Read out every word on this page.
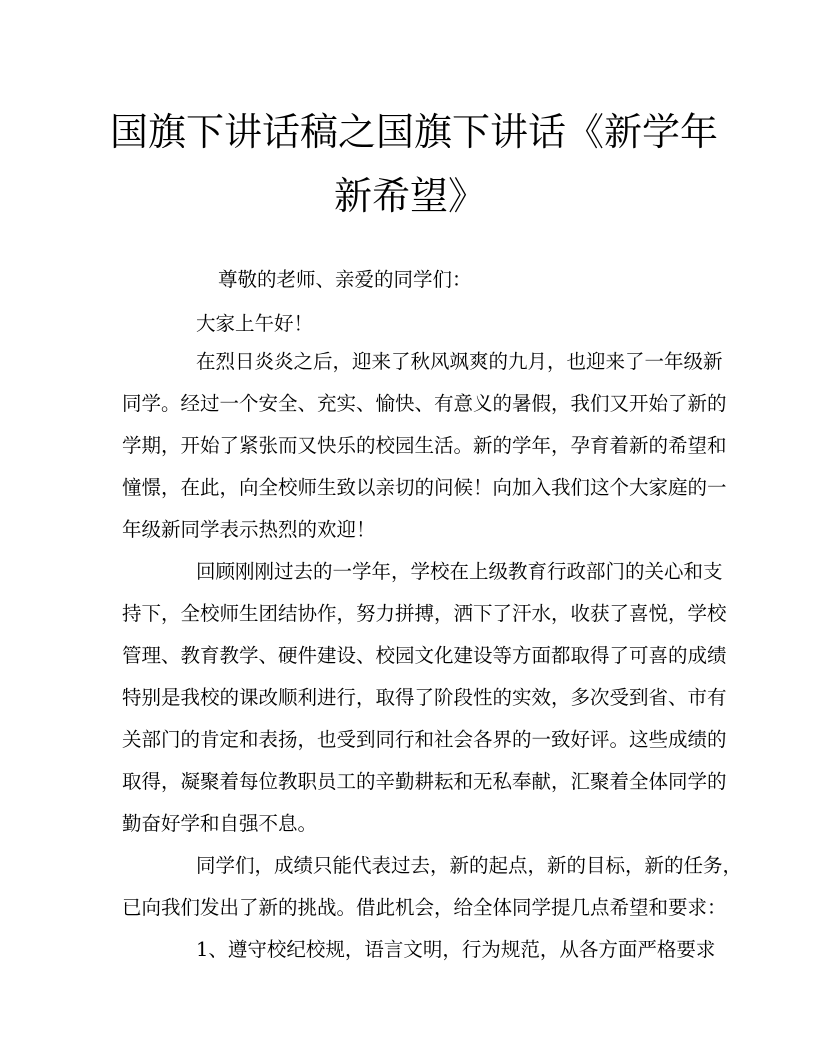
国旗下讲话稿之国旗下讲话《新学年
新希望》

尊敬的老师、亲爱的同学们：

大家上午好！

在烈日炎炎之后，迎来了秋风飒爽的九月，也迎来了一年级新

同学。经过一个安全、充实、愉快、有意义的暑假，我们又开始了新的

学期，开始了紧张而又快乐的校园生活。新的学年，孕育着新的希望和

憧憬，在此，向全校师生致以亲切的问候！向加入我们这个大家庭的一

年级新同学表示热烈的欢迎！

回顾刚刚过去的一学年，学校在上级教育行政部门的关心和支

持下，全校师生团结协作，努力拼搏，洒下了汗水，收获了喜悦，学校

管理、教育教学、硬件建设、校园文化建设等方面都取得了可喜的成绩

特别是我校的课改顺利进行，取得了阶段性的实效，多次受到省、市有

关部门的肯定和表扬，也受到同行和社会各界的一致好评。这些成绩的

取得，凝聚着每位教职员工的辛勤耕耘和无私奉献，汇聚着全体同学的

勤奋好学和自强不息。

同学们，成绩只能代表过去，新的起点，新的目标，新的任务，

已向我们发出了新的挑战。借此机会，给全体同学提几点希望和要求：

1、遵守校纪校规，语言文明，行为规范，从各方面严格要求
